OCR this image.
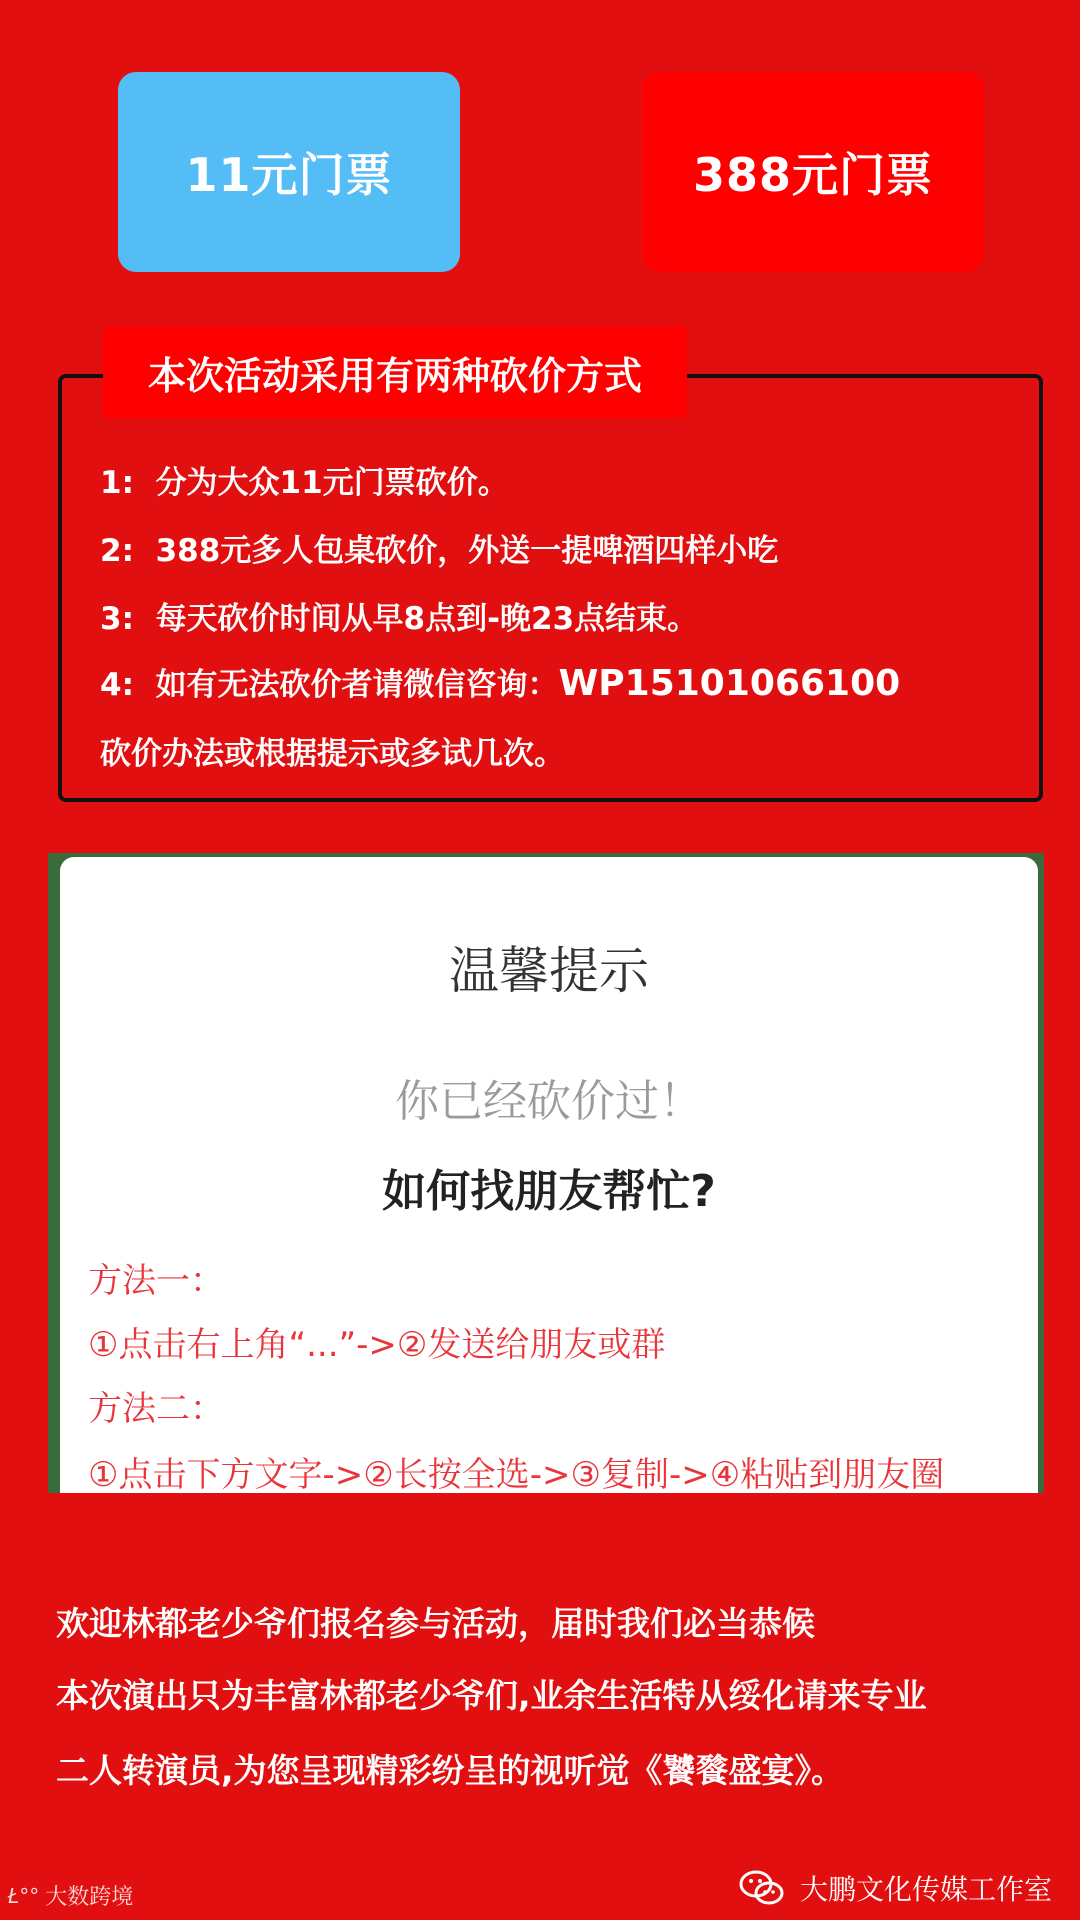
11元门票	388元门票
本次活动采用有两种砍价方式
1: 分为大众11元门票砍价。
2: 388元多人包桌砍价，外送一提啤酒四样小吃
3: 每天砍价时间从早8点到-晚23点结束。
4: 如有无法砍价者请微信咨询：WP15101066100
砍价办法或根据提示或多试几次。
温馨提示
你已经砍价过！
如何找朋友帮忙?
方法一：
①点击右上角“...”->②发送给朋友或群
方法二：
①点击下方文字->②长按全选->③复制->④粘贴到朋友圈
欢迎林都老少爷们报名参与活动，届时我们必当恭候
本次演出只为丰富林都老少爷们,业余生活特从绥化请来专业
二人转演员,为您呈现精彩纷呈的视听觉《饕餮盛宴》。
大鹏文化传媒工作室
Ł°° 大数跨境
